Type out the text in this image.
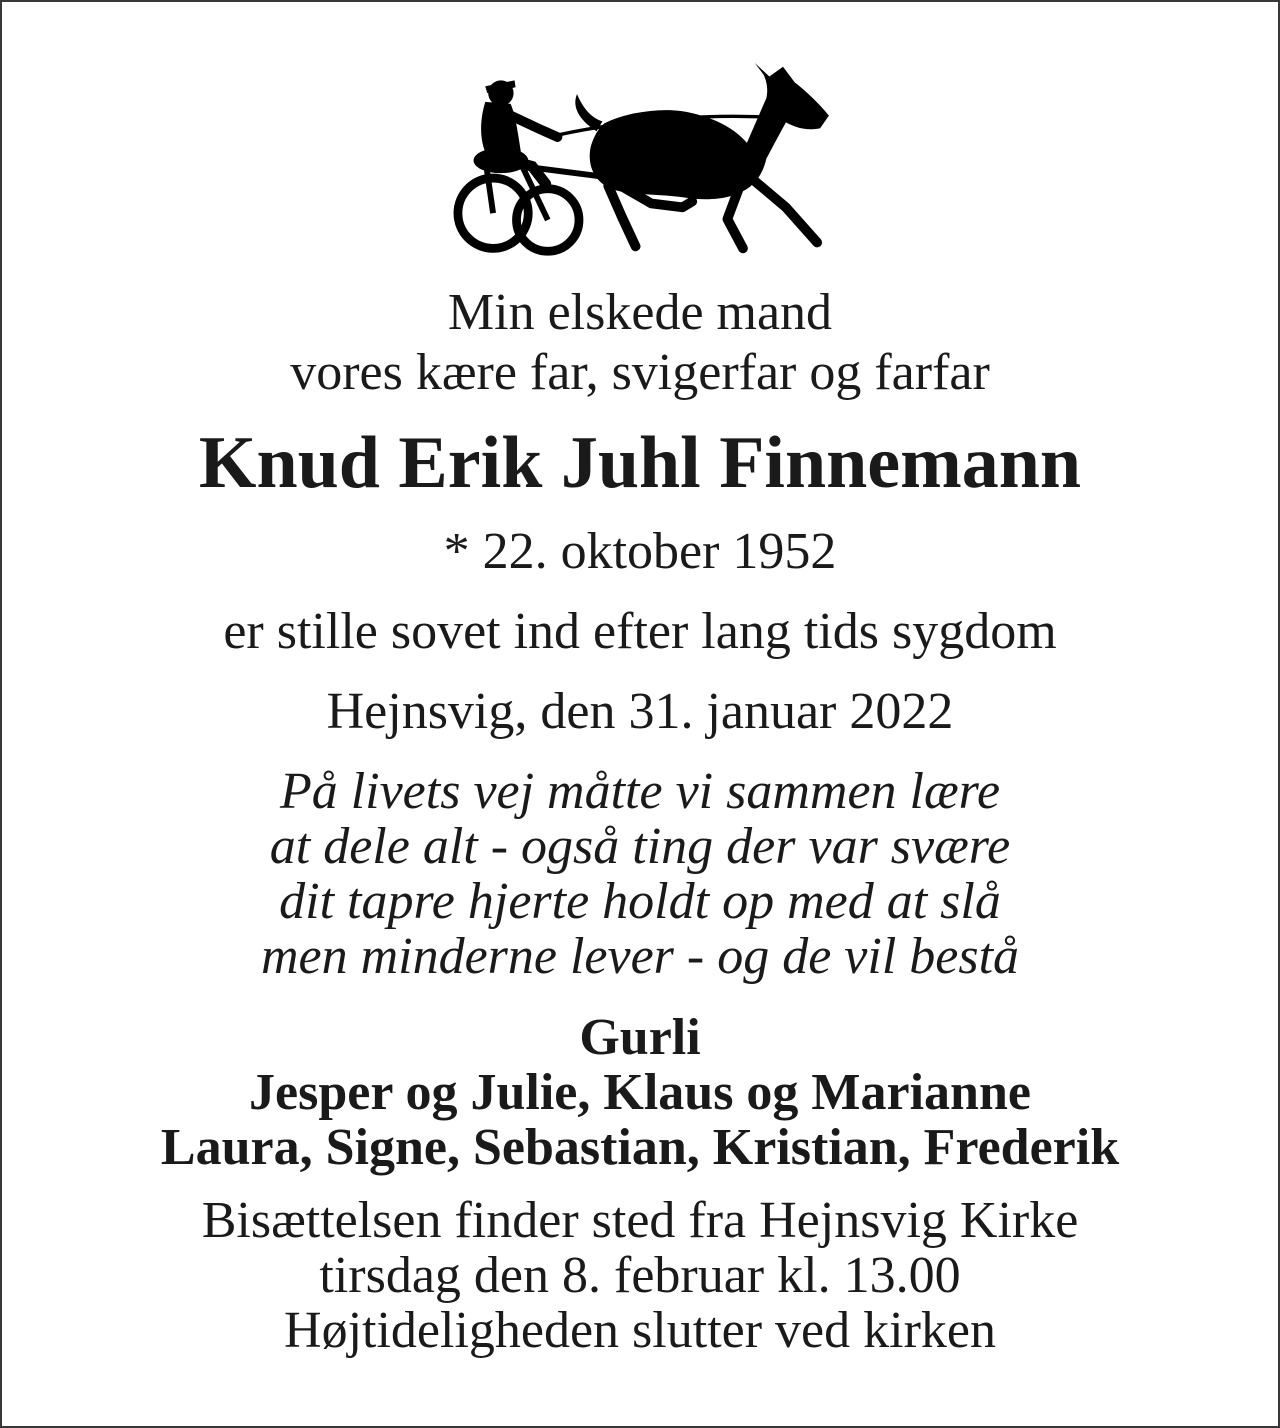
Min elskede mand
vores kære far, svigerfar og farfar
Knud Erik Juhl Finnemann
* 22. oktober 1952
er stille sovet ind efter lang tids sygdom
Hejnsvig, den 31. januar 2022
På livets vej måtte vi sammen lære
at dele alt - også ting der var svære
dit tapre hjerte holdt op med at slå
men minderne lever - og de vil bestå
Gurli
Jesper og Julie, Klaus og Marianne
Laura, Signe, Sebastian, Kristian, Frederik
Bisættelsen finder sted fra Hejnsvig Kirke
tirsdag den 8. februar kl. 13.00
Højtideligheden slutter ved kirken
